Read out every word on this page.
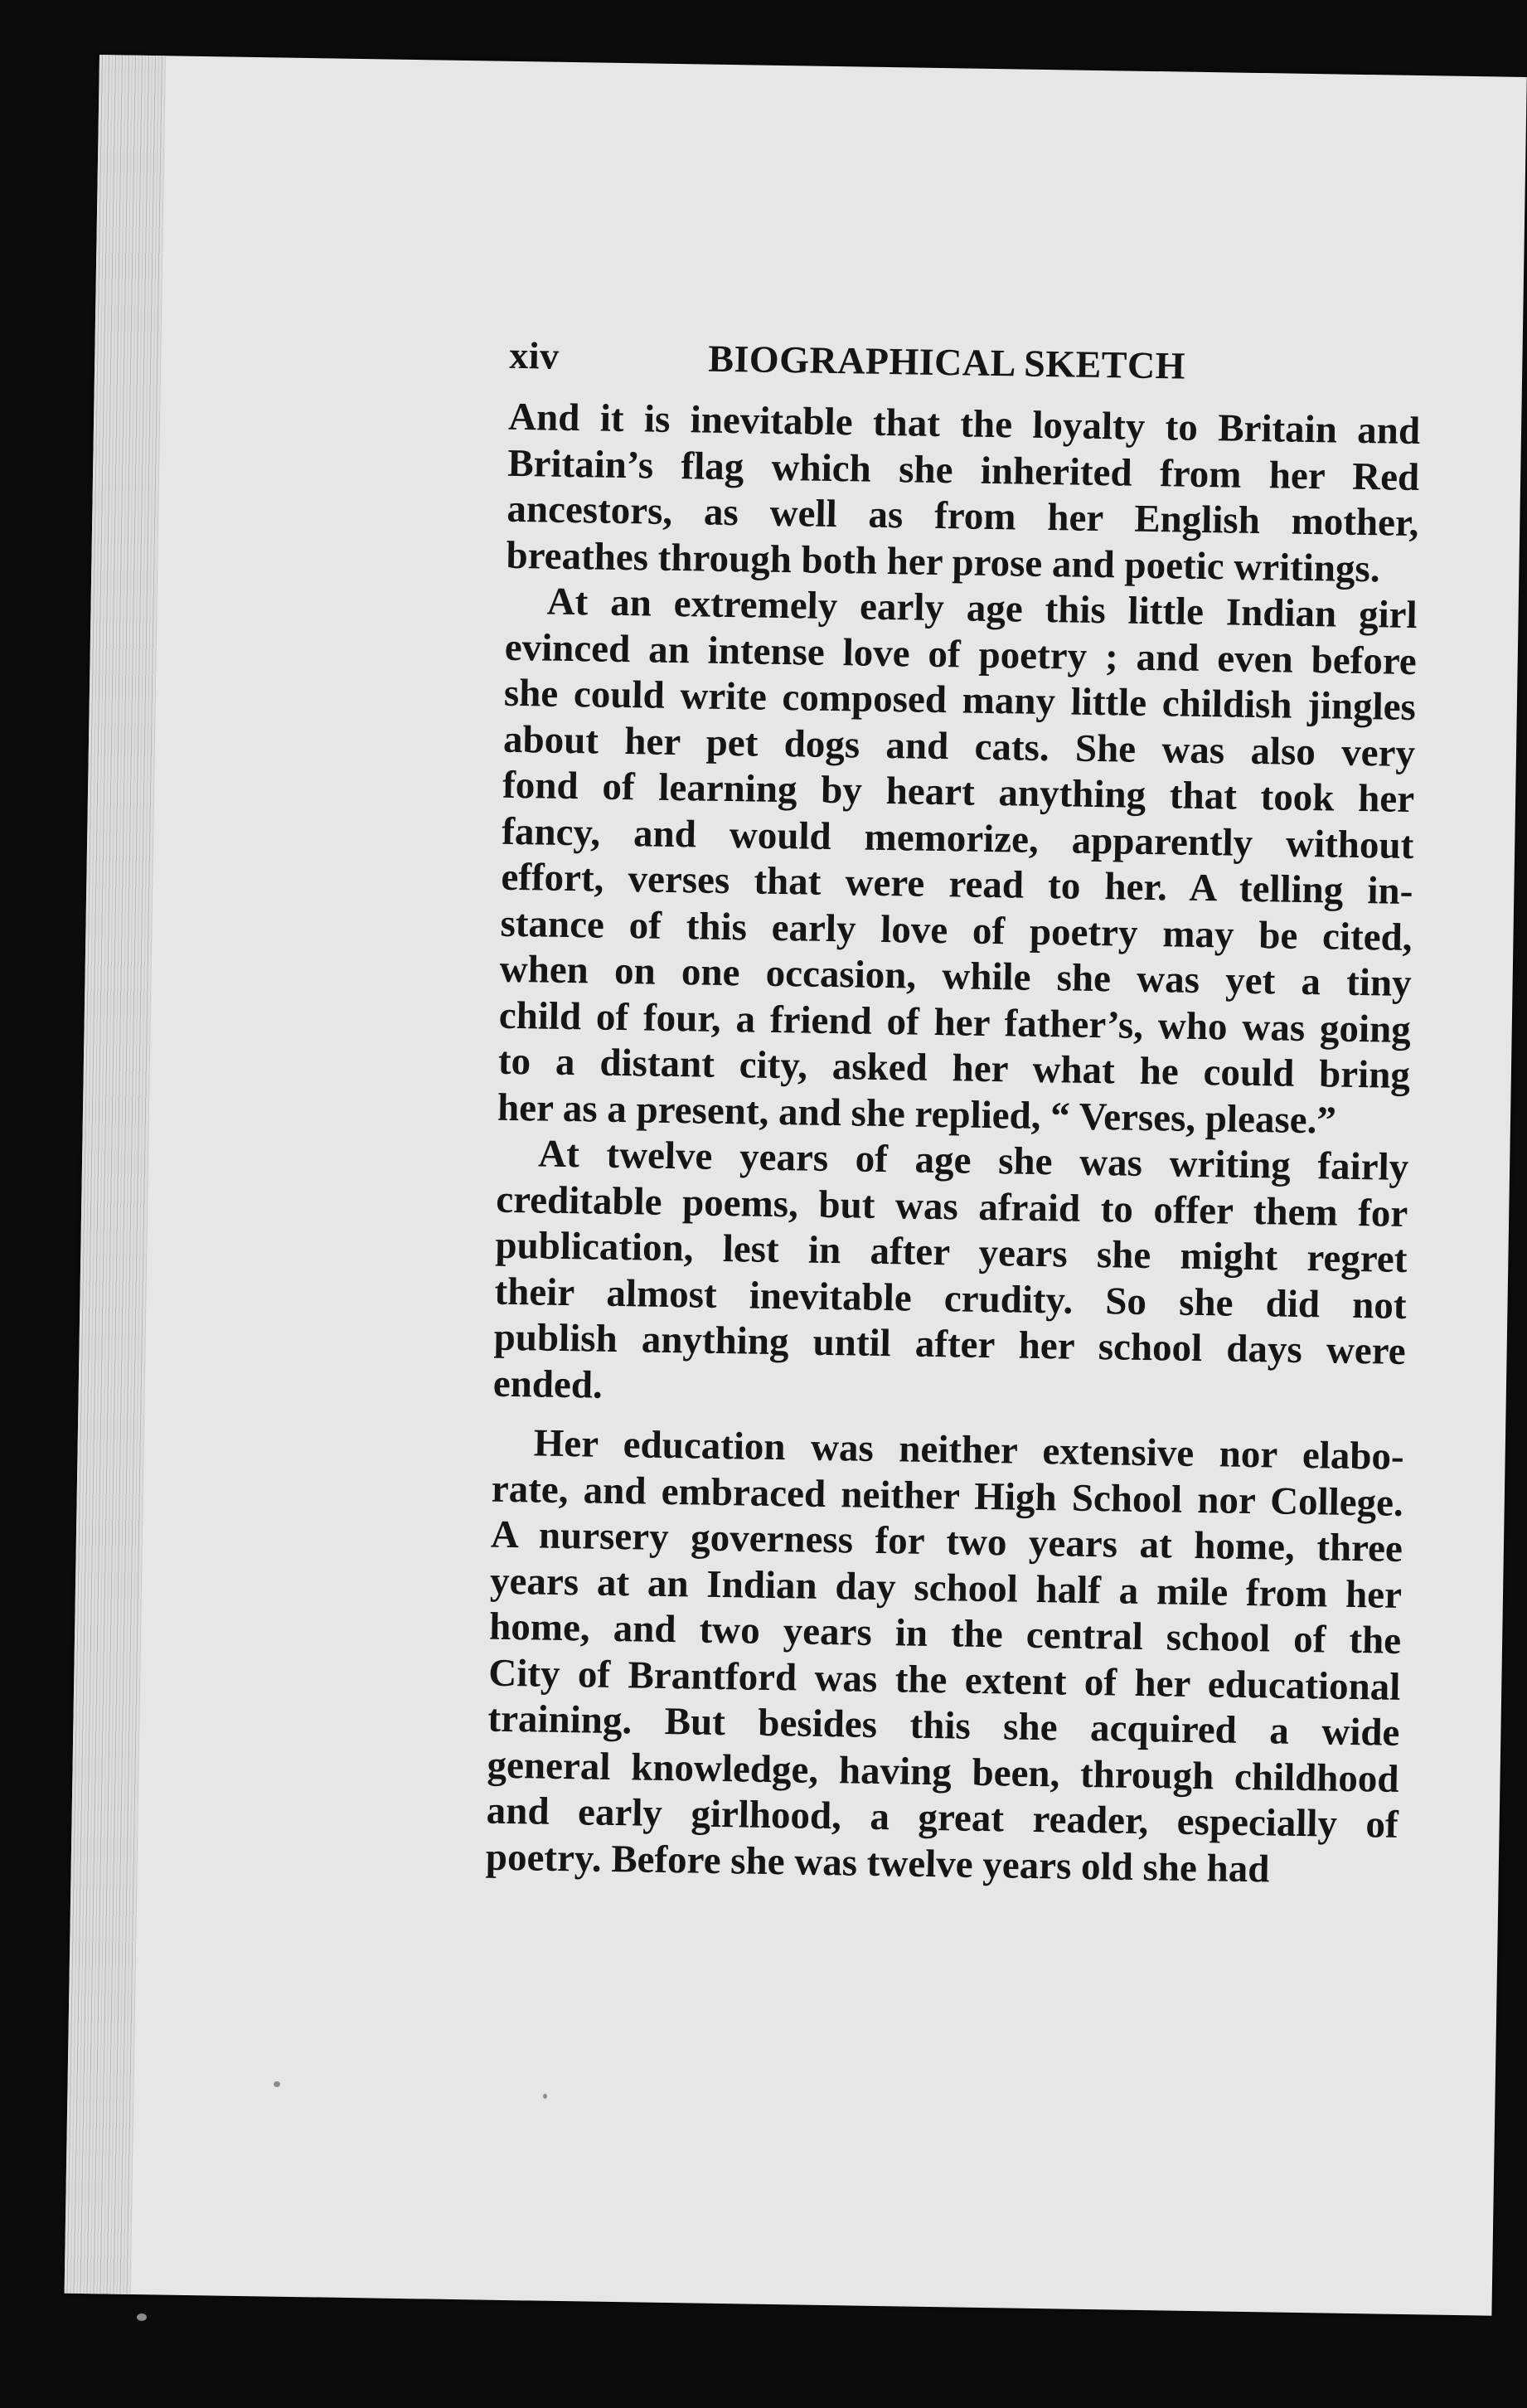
xiv	BIOGRAPHICAL SKETCH

And it is inevitable that the loyalty to Britain and
Britain’s flag which she inherited from her Red
ancestors, as well as from her English mother,
breathes through both her prose and poetic writings.

At an extremely early age this little Indian girl
evinced an intense love of poetry ; and even before
she could write composed many little childish jingles
about her pet dogs and cats. She was also very
fond of learning by heart anything that took her
fancy, and would memorize, apparently without
effort, verses that were read to her. A telling in-
stance of this early love of poetry may be cited,
when on one occasion, while she was yet a tiny
child of four, a friend of her father’s, who was going
to a distant city, asked her what he could bring
her as a present, and she replied, “ Verses, please.”

At twelve years of age she was writing fairly
creditable poems, but was afraid to offer them for
publication, lest in after years she might regret
their almost inevitable crudity. So she did not
publish anything until after her school days were
ended.

Her education was neither extensive nor elabo-
rate, and embraced neither High School nor College.
A nursery governess for two years at home, three
years at an Indian day school half a mile from her
home, and two years in the central school of the
City of Brantford was the extent of her educational
training. But besides this she acquired a wide
general knowledge, having been, through childhood
and early girlhood, a great reader, especially of
poetry. Before she was twelve years old she had
